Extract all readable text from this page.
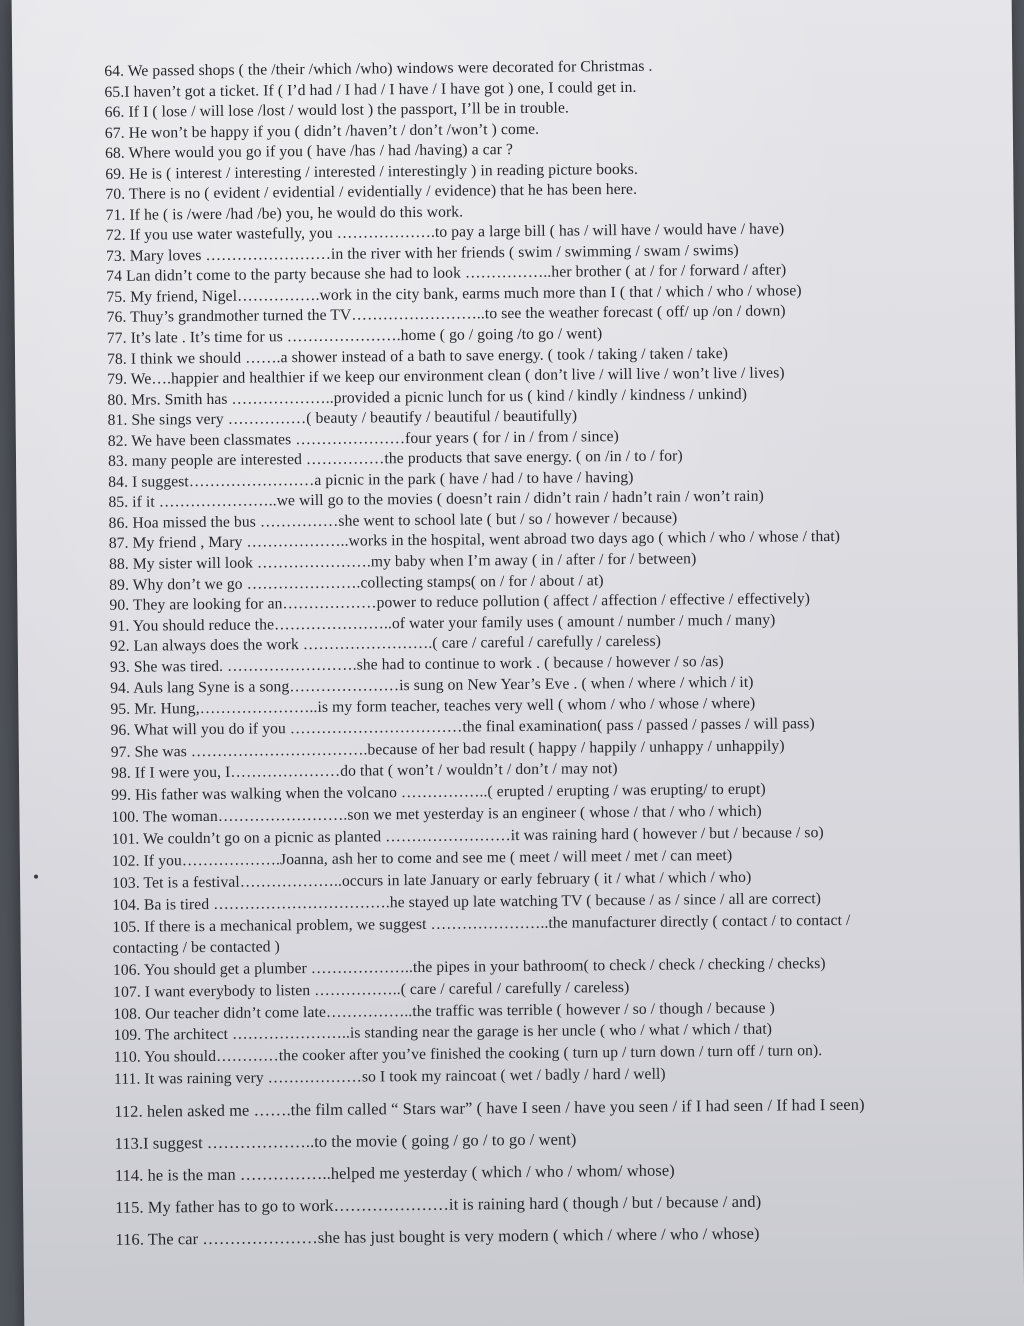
64. We passed shops ( the /their /which /who) windows were decorated for Christmas .
65.I haven’t got a ticket. If ( I’d had / I had / I have / I have got ) one, I could get in.
66. If I ( lose / will lose /lost / would lost ) the passport, I’ll be in trouble.
67. He won’t be happy if you ( didn’t /haven’t / don’t /won’t ) come.
68. Where would you go if you ( have /has / had /having) a car ?
69. He is ( interest / interesting / interested / interestingly ) in reading picture books.
70. There is no ( evident / evidential / evidentially / evidence) that he has been here.
71. If he ( is /were /had /be) you, he would do this work.
72. If you use water wastefully, you ……………….to pay a large bill ( has / will have / would have / have)
73. Mary loves ……………………in the river with her friends ( swim / swimming / swam / swims)
74 Lan didn’t come to the party because she had to look ……………..her brother ( at / for / forward / after)
75. My friend, Nigel…………….work in the city bank, earms much more than I ( that / which / who / whose)
76. Thuy’s grandmother turned the TV……………………..to see the weather forecast ( off/ up /on / down)
77. It’s late . It’s time for us ………………….home ( go / going /to go / went)
78. I think we should …….a shower instead of a bath to save energy. ( took / taking / taken / take)
79. We….happier and healthier if we keep our environment clean ( don’t live / will live / won’t live / lives)
80. Mrs. Smith has ………………..provided a picnic lunch for us ( kind / kindly / kindness / unkind)
81. She sings very ……………( beauty / beautify / beautiful / beautifully)
82. We have been classmates …………………four years ( for / in / from / since)
83. many people are interested ……………the products that save energy. ( on /in / to / for)
84. I suggest……………………a picnic in the park ( have / had / to have / having)
85. if it …………………..we will go to the movies ( doesn’t rain / didn’t rain / hadn’t rain / won’t rain)
86. Hoa missed the bus ……………she went to school late ( but / so / however / because)
87. My friend , Mary ………………..works in the hospital, went abroad two days ago ( which / who / whose / that)
88. My sister will look ………………….my baby when I’m away ( in / after / for / between)
89. Why don’t we go ………………….collecting stamps( on / for / about / at)
90. They are looking for an………………power to reduce pollution ( affect / affection / effective / effectively)
91. You should reduce the…………………..of water your family uses ( amount / number / much / many)
92. Lan always does the work …………………….( care / careful / carefully / careless)
93. She was tired. …………………….she had to continue to work . ( because / however / so /as)
94. Auls lang Syne is a song…………………is sung on New Year’s Eve . ( when / where / which / it)
95. Mr. Hung,…………………..is my form teacher, teaches very well ( whom / who / whose / where)
96. What will you do if you ……………………………the final examination( pass / passed / passes / will pass)
97. She was …………………………….because of her bad result ( happy / happily / unhappy / unhappily)
98. If I were you, I…………………do that ( won’t / wouldn’t / don’t / may not)
99. His father was walking when the volcano ……………..( erupted / erupting / was erupting/ to erupt)
100. The woman…………………….son we met yesterday is an engineer ( whose / that / who / which)
101. We couldn’t go on a picnic as planted ……………………it was raining hard ( however / but / because / so)
102. If you……………….Joanna, ash her to come and see me ( meet / will meet / met / can meet)
103. Tet is a festival………………..occurs in late January or early february ( it / what / which / who)
104. Ba is tired …………………………….he stayed up late watching TV ( because / as / since / all are correct)
105. If there is a mechanical problem, we suggest …………………..the manufacturer directly ( contact / to contact /
contacting / be contacted )
106. You should get a plumber ………………..the pipes in your bathroom( to check / check / checking / checks)
107. I want everybody to listen ……………..( care / careful / carefully / careless)
108. Our teacher didn’t come late……………..the traffic was terrible ( however / so / though / because )
109. The architect …………………..is standing near the garage is her uncle ( who / what / which / that)
110. You should…………the cooker after you’ve finished the cooking ( turn up / turn down / turn off / turn on).
111. It was raining very ………………so I took my raincoat ( wet / badly / hard / well)
112. helen asked me …….the film called “ Stars war” ( have I seen / have you seen / if I had seen / If had I seen)
113.I suggest ………………..to the movie ( going / go / to go / went)
114. he is the man ……………..helped me yesterday ( which / who / whom/ whose)
115. My father has to go to work…………………it is raining hard ( though / but / because / and)
116. The car …………………she has just bought is very modern ( which / where / who / whose)
